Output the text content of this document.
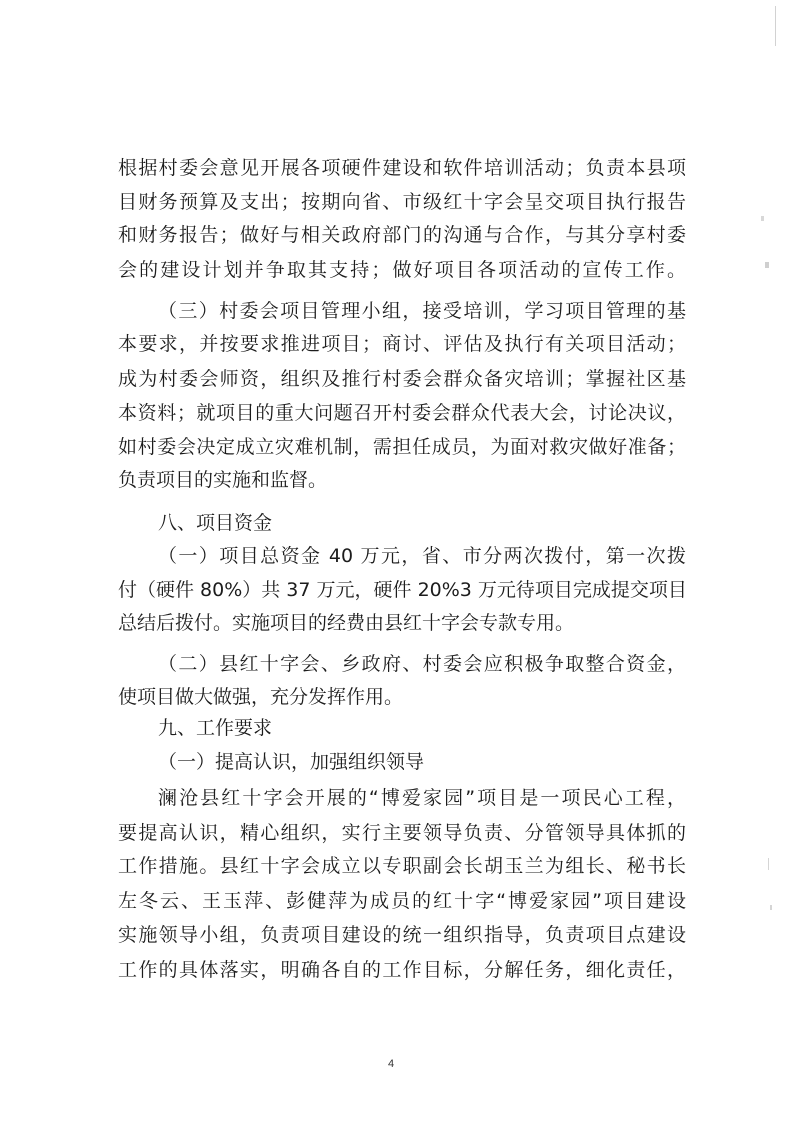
根据村委会意见开展各项硬件建设和软件培训活动；负责本县项
目财务预算及支出；按期向省、市级红十字会呈交项目执行报告
和财务报告；做好与相关政府部门的沟通与合作，与其分享村委
会的建设计划并争取其支持；做好项目各项活动的宣传工作。
（三）村委会项目管理小组，接受培训，学习项目管理的基
本要求，并按要求推进项目；商讨、评估及执行有关项目活动；
成为村委会师资，组织及推行村委会群众备灾培训；掌握社区基
本资料；就项目的重大问题召开村委会群众代表大会，讨论决议，
如村委会决定成立灾难机制，需担任成员，为面对救灾做好准备；
负责项目的实施和监督。
八、项目资金
（一）项目总资金 40 万元，省、市分两次拨付，第一次拨
付（硬件 80%）共 37 万元，硬件 20%3 万元待项目完成提交项目
总结后拨付。实施项目的经费由县红十字会专款专用。
（二）县红十字会、乡政府、村委会应积极争取整合资金，
使项目做大做强，充分发挥作用。
九、工作要求
（一）提高认识，加强组织领导
澜沧县红十字会开展的“博爱家园”项目是一项民心工程，
要提高认识，精心组织，实行主要领导负责、分管领导具体抓的
工作措施。县红十字会成立以专职副会长胡玉兰为组长、秘书长
左冬云、王玉萍、彭健萍为成员的红十字“博爱家园”项目建设
实施领导小组，负责项目建设的统一组织指导，负责项目点建设
工作的具体落实，明确各自的工作目标，分解任务，细化责任，
4
